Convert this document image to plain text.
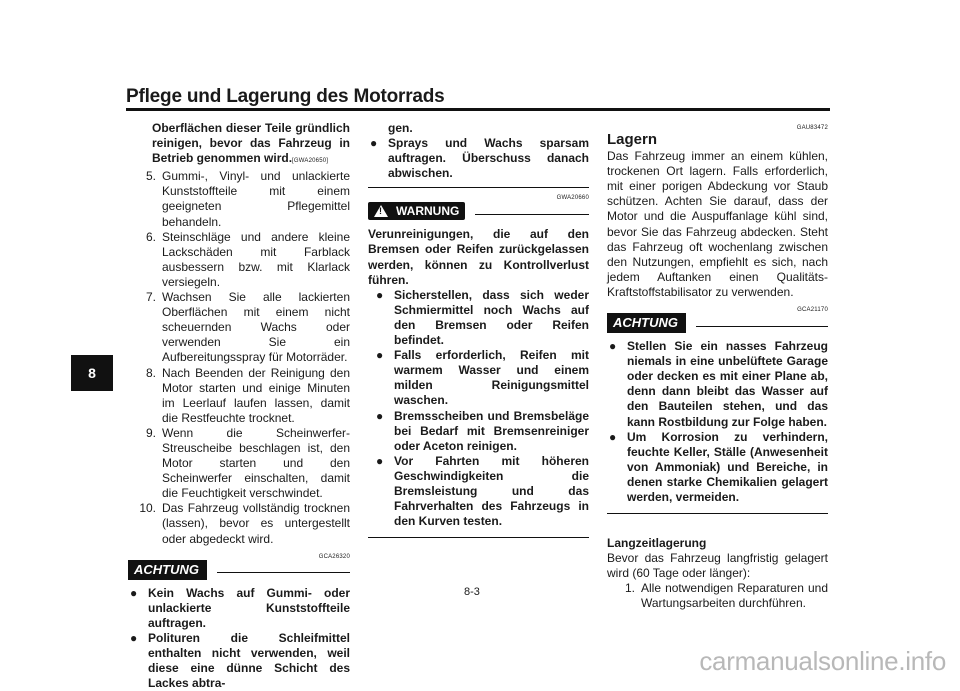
Pflege und Lagerung des Motorrads
8
Oberflächen dieser Teile gründlich reinigen, bevor das Fahrzeug in Betrieb genommen wird.[GWA20650]
5. Gummi-, Vinyl- und unlackierte Kunststoffteile mit einem geeigneten Pflegemittel behandeln.
6. Steinschläge und andere kleine Lackschäden mit Farblack ausbessern bzw. mit Klarlack versiegeln.
7. Wachsen Sie alle lackierten Oberflächen mit einem nicht scheuernden Wachs oder verwenden Sie ein Aufbereitungsspray für Motorräder.
8. Nach Beenden der Reinigung den Motor starten und einige Minuten im Leerlauf laufen lassen, damit die Restfeuchte trocknet.
9. Wenn die Scheinwerfer-Streuscheibe beschlagen ist, den Motor starten und den Scheinwerfer einschalten, damit die Feuchtigkeit verschwindet.
10. Das Fahrzeug vollständig trocknen (lassen), bevor es untergestellt oder abgedeckt wird.
GCA26320
ACHTUNG
● Kein Wachs auf Gummi- oder unlackierte Kunststoffteile auftragen.
● Polituren die Schleifmittel enthalten nicht verwenden, weil diese eine dünne Schicht des Lackes abtra-
gen.
● Sprays und Wachs sparsam auftragen. Überschuss danach abwischen.
GWA20660
! WARNUNG
Verunreinigungen, die auf den Bremsen oder Reifen zurückgelassen werden, können zu Kontrollverlust führen.
● Sicherstellen, dass sich weder Schmiermittel noch Wachs auf den Bremsen oder Reifen befindet.
● Falls erforderlich, Reifen mit warmem Wasser und einem milden Reinigungsmittel waschen.
● Bremsscheiben und Bremsbeläge bei Bedarf mit Bremsenreiniger oder Aceton reinigen.
● Vor Fahrten mit höheren Geschwindigkeiten die Bremsleistung und das Fahrverhalten des Fahrzeugs in den Kurven testen.
GAU83472
Lagern
Das Fahrzeug immer an einem kühlen, trockenen Ort lagern. Falls erforderlich, mit einer porigen Abdeckung vor Staub schützen. Achten Sie darauf, dass der Motor und die Auspuffanlage kühl sind, bevor Sie das Fahrzeug abdecken. Steht das Fahrzeug oft wochenlang zwischen den Nutzungen, empfiehlt es sich, nach jedem Auftanken einen Qualitäts-Kraftstoffstabilisator zu verwenden.
GCA21170
ACHTUNG
● Stellen Sie ein nasses Fahrzeug niemals in eine unbelüftete Garage oder decken es mit einer Plane ab, denn dann bleibt das Wasser auf den Bauteilen stehen, und das kann Rostbildung zur Folge haben.
● Um Korrosion zu verhindern, feuchte Keller, Ställe (Anwesenheit von Ammoniak) und Bereiche, in denen starke Chemikalien gelagert werden, vermeiden.
Langzeitlagerung
Bevor das Fahrzeug langfristig gelagert wird (60 Tage oder länger):
1. Alle notwendigen Reparaturen und Wartungsarbeiten durchführen.
8-3
carmanualsonline.info
